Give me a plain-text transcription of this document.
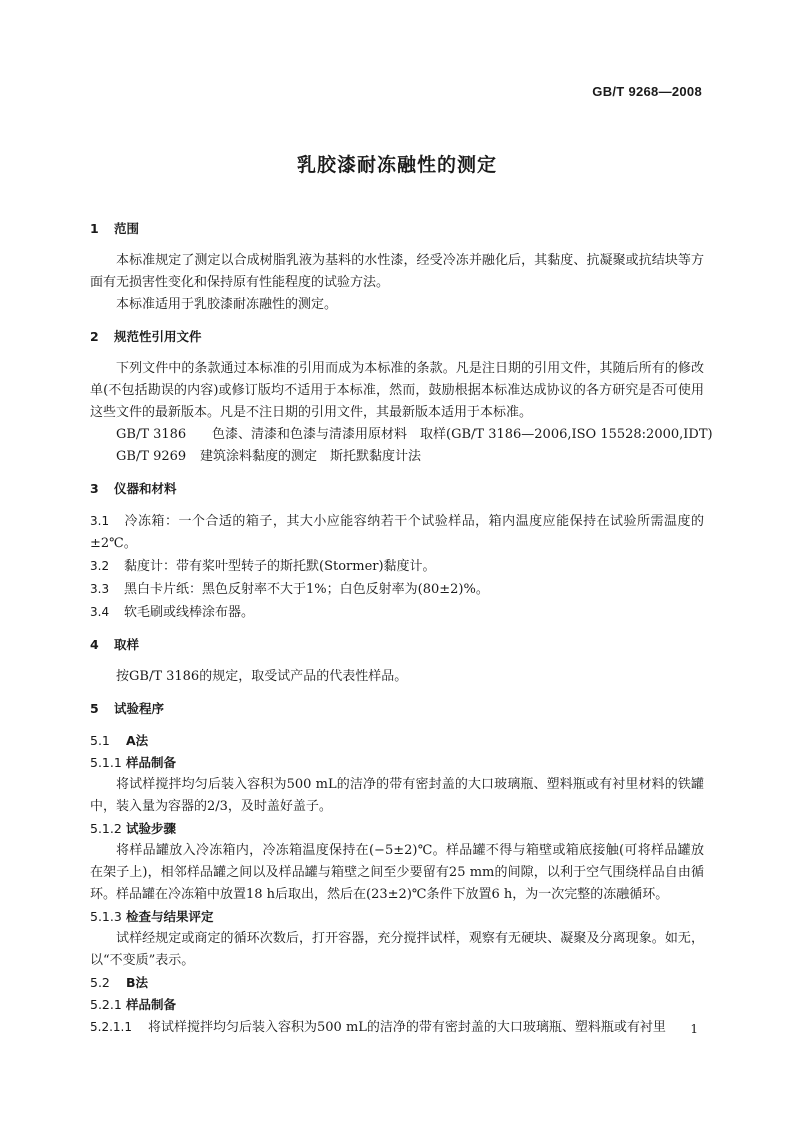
GB/T 9268—2008
乳胶漆耐冻融性的测定
1 范围

本标准规定了测定以合成树脂乳液为基料的水性漆，经受冷冻并融化后，其黏度、抗凝聚或抗结块等方面有无损害性变化和保持原有性能程度的试验方法。

本标准适用于乳胶漆耐冻融性的测定。

2 规范性引用文件

下列文件中的条款通过本标准的引用而成为本标准的条款。凡是注日期的引用文件，其随后所有的修改单(不包括勘误的内容)或修订版均不适用于本标准，然而，鼓励根据本标准达成协议的各方研究是否可使用这些文件的最新版本。凡是不注日期的引用文件，其最新版本适用于本标准。

GB/T 3186 色漆、清漆和色漆与清漆用原材料　取样(GB/T 3186—2006,ISO 15528:2000,IDT)

GB/T 9269 建筑涂料黏度的测定　斯托默黏度计法

3 仪器和材料

3.1 冷冻箱：一个合适的箱子，其大小应能容纳若干个试验样品，箱内温度应能保持在试验所需温度的±2℃。

3.2 黏度计：带有桨叶型转子的斯托默(Stormer)黏度计。

3.3 黑白卡片纸：黑色反射率不大于1%；白色反射率为(80±2)%。

3.4 软毛刷或线棒涂布器。

4 取样

按GB/T 3186的规定，取受试产品的代表性样品。

5 试验程序
5.1 A法
5.1.1 样品制备

将试样搅拌均匀后装入容积为500 mL的洁净的带有密封盖的大口玻璃瓶、塑料瓶或有衬里材料的铁罐中，装入量为容器的2/3，及时盖好盖子。

5.1.2 试验步骤

将样品罐放入冷冻箱内，冷冻箱温度保持在(−5±2)℃。样品罐不得与箱壁或箱底接触(可将样品罐放在架子上)，相邻样品罐之间以及样品罐与箱壁之间至少要留有25 mm的间隙，以利于空气围绕样品自由循环。样品罐在冷冻箱中放置18 h后取出，然后在(23±2)℃条件下放置6 h，为一次完整的冻融循环。

5.1.3 检查与结果评定

试样经规定或商定的循环次数后，打开容器，充分搅拌试样，观察有无硬块、凝聚及分离现象。如无，以“不变质”表示。

5.2 B法
5.2.1 样品制备

5.2.1.1 将试样搅拌均匀后装入容积为500 mL的洁净的带有密封盖的大口玻璃瓶、塑料瓶或有衬里	1
